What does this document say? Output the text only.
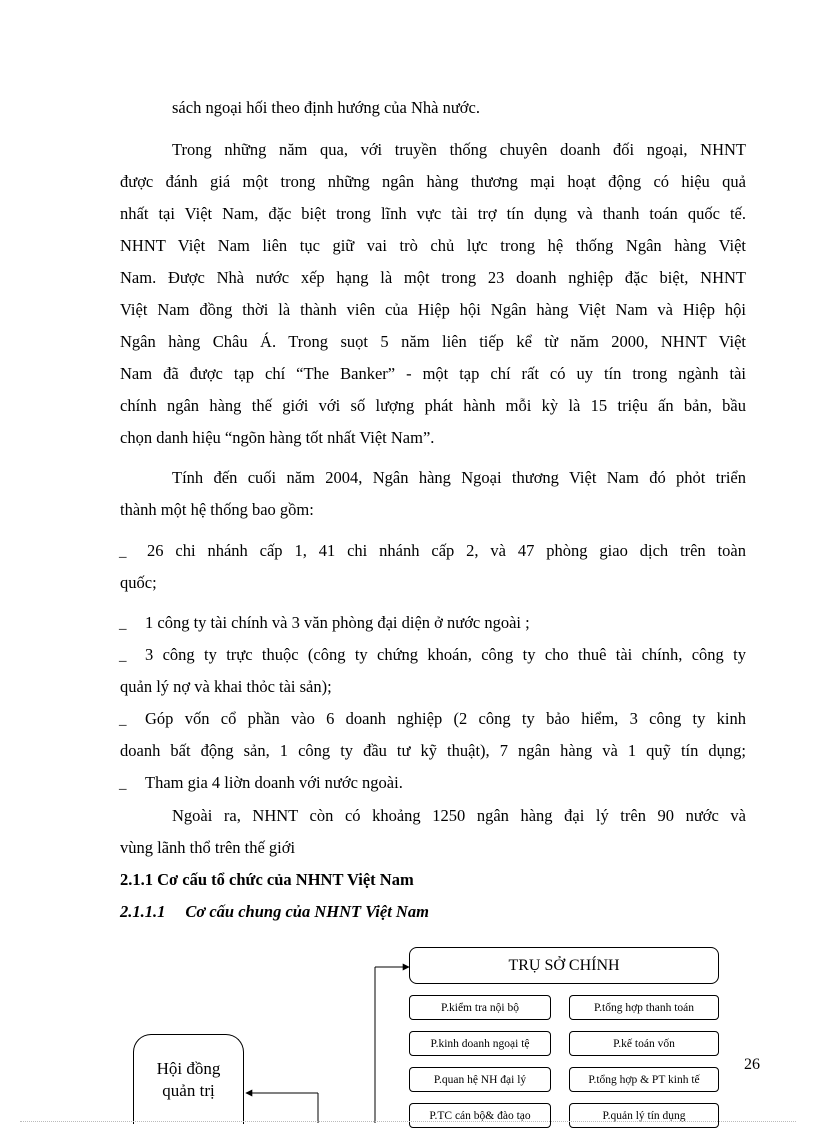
sách ngoại hối theo định hướng của Nhà nước.
Trong những năm qua, với truyền thống chuyên doanh đối ngoại, NHNT
được đánh giá một trong những ngân hàng thương mại hoạt động có hiệu quả
nhất tại Việt Nam, đặc biệt trong lĩnh vực tài trợ tín dụng và thanh toán quốc tế.
NHNT Việt Nam liên tục giữ vai trò chủ lực trong hệ thống Ngân hàng Việt
Nam. Được Nhà nước xếp hạng là một trong 23 doanh nghiệp đặc biệt, NHNT
Việt Nam đồng thời là thành viên của Hiệp hội Ngân hàng Việt Nam và Hiệp hội
Ngân hàng Châu Á. Trong suọt 5 năm liên tiếp kể từ năm 2000, NHNT Việt
Nam đã được tạp chí “The Banker” - một tạp chí rất có uy tín trong ngành tài
chính ngân hàng thế giới với số lượng phát hành mỗi kỳ là 15 triệu ấn bản, bầu
chọn danh hiệu “ngõn hàng tốt nhất Việt Nam”.
Tính đến cuối năm 2004, Ngân hàng Ngoại thương Việt Nam đó phỏt triển
thành một hệ thống bao gồm:
_ 26 chi nhánh cấp 1, 41 chi nhánh cấp 2, và 47 phòng giao dịch trên toàn
quốc;
_ 1 công ty tài chính và 3 văn phòng đại diện ở nước ngoài ;
_ 3 công ty trực thuộc (công ty chứng khoán, công ty cho thuê tài chính, công ty
quản lý nợ và khai thỏc tài sản);
_ Góp vốn cổ phần vào 6 doanh nghiệp (2 công ty bảo hiểm, 3 công ty kinh
doanh bất động sản, 1 công ty đầu tư kỹ thuật), 7 ngân hàng và 1 quỹ tín dụng;
_ Tham gia 4 liờn doanh với nước ngoài.
Ngoài ra, NHNT còn có khoảng 1250 ngân hàng đại lý trên 90 nước và
vùng lãnh thổ trên thế giới
2.1.1 Cơ cấu tổ chức của NHNT Việt Nam
2.1.1.1 Cơ cấu chung của NHNT Việt Nam
TRỤ SỞ CHÍNH
Hội đồng
quản trị
P.kiểm tra nội bộ
P.kinh doanh ngoại tệ
P.quan hệ NH đại lý
P.TC cán bộ& đào tạo
P.tổng hợp thanh toán
P.kế toán vốn
P.tổng hợp & PT kinh tế
P.quản lý tín dụng
26
